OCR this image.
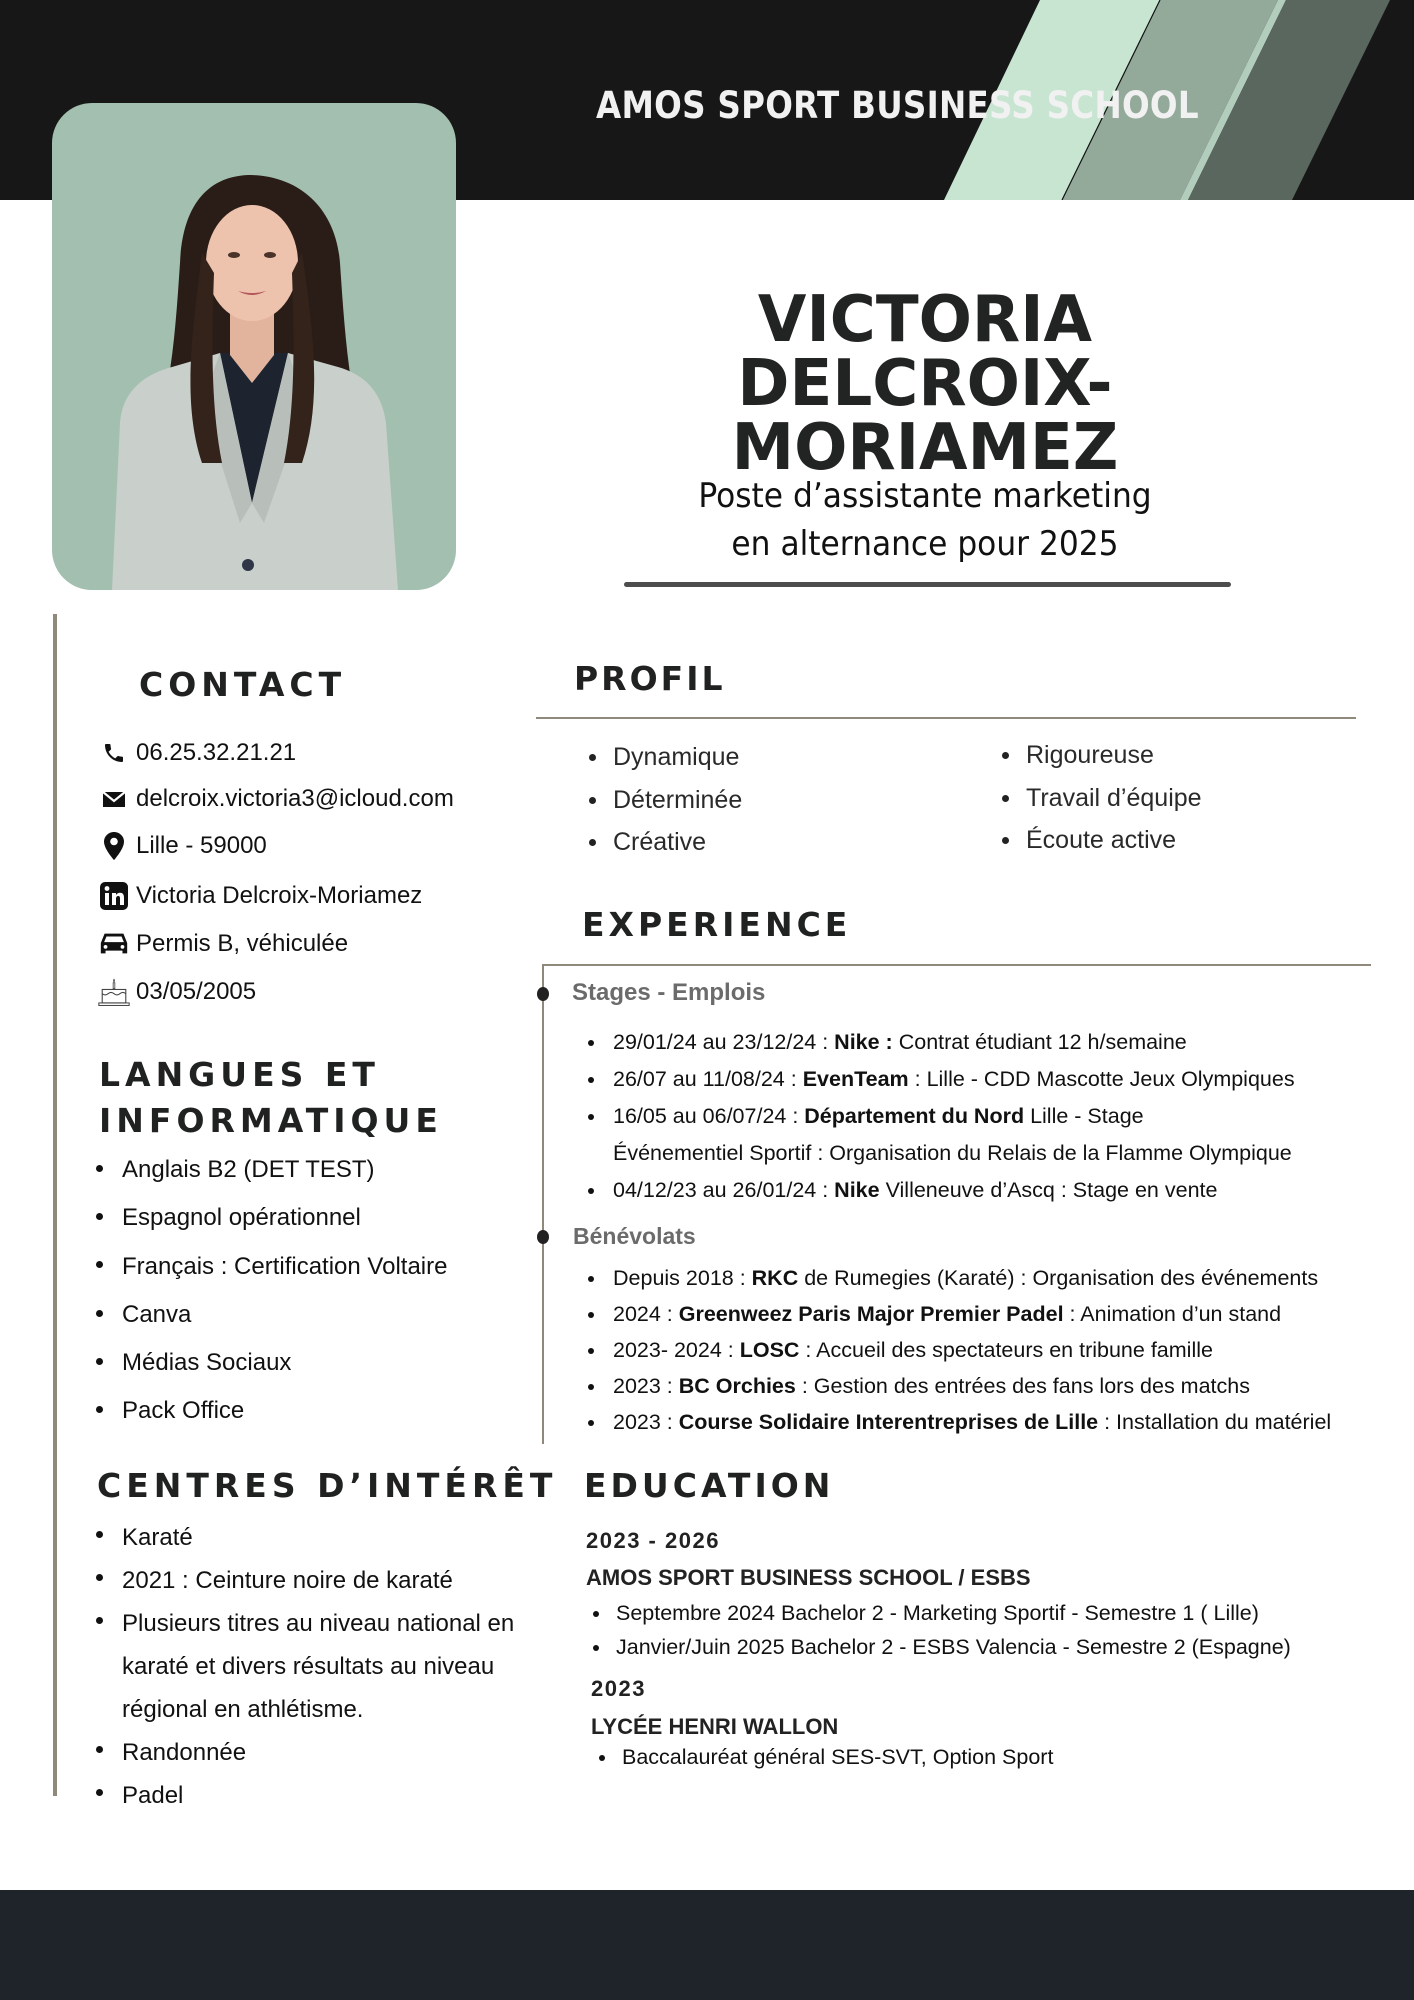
AMOS SPORT BUSINESS SCHOOL
VICTORIA
DELCROIX-MORIAMEZ
Poste d’assistante marketing
en alternance pour 2025
CONTACT
06.25.32.21.21
delcroix.victoria3@icloud.com
Lille - 59000
Victoria Delcroix-Moriamez
Permis B, véhiculée
03/05/2005
LANGUES ET
INFORMATIQUE
Anglais B2 (DET TEST)
Espagnol opérationnel
Français : Certification Voltaire
Canva
Médias Sociaux
Pack Office
CENTRES D’INTÉRÊT
Karaté
2021 : Ceinture noire de karaté
Plusieurs titres au niveau national en karaté et divers résultats au niveau régional en athlétisme.
Randonnée
Padel
PROFIL
Dynamique
Déterminée
Créative
Rigoureuse
Travail d’équipe
Écoute active
EXPERIENCE
Stages - Emplois
29/01/24 au 23/12/24 : Nike : Contrat étudiant 12 h/semaine
26/07 au 11/08/24 : EvenTeam : Lille - CDD Mascotte Jeux Olympiques
16/05 au 06/07/24 : Département du Nord Lille - Stage
Événementiel Sportif : Organisation du Relais de la Flamme Olympique
04/12/23 au 26/01/24 : Nike Villeneuve d’Ascq : Stage en vente
Bénévolats
Depuis 2018 : RKC de Rumegies (Karaté) : Organisation des événements
2024 : Greenweez Paris Major Premier Padel : Animation d’un stand
2023- 2024 : LOSC : Accueil des spectateurs en tribune famille
2023 : BC Orchies : Gestion des entrées des fans lors des matchs
2023 : Course Solidaire Interentreprises de Lille : Installation du matériel
EDUCATION
2023 - 2026
AMOS SPORT BUSINESS SCHOOL / ESBS
Septembre 2024 Bachelor 2 - Marketing Sportif - Semestre 1 ( Lille)
Janvier/Juin 2025 Bachelor 2 - ESBS Valencia - Semestre 2 (Espagne)
2023
LYCÉE HENRI WALLON
Baccalauréat général SES-SVT, Option Sport
